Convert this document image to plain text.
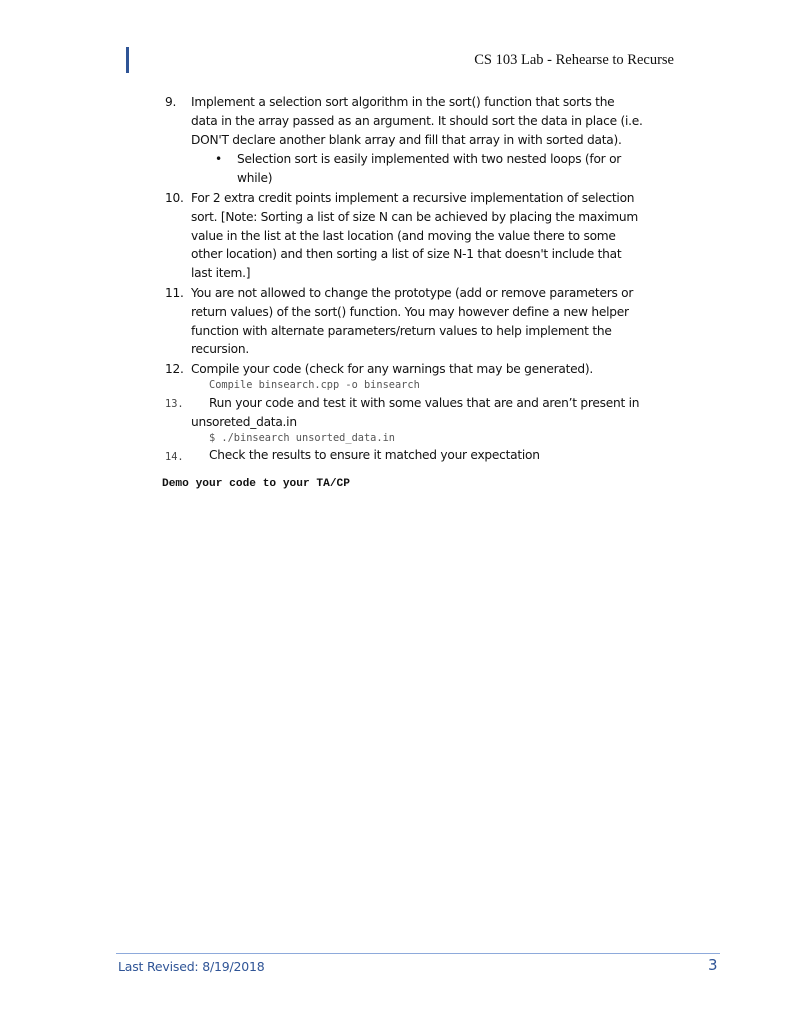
CS 103 Lab - Rehearse to Recurse
9. Implement a selection sort algorithm in the sort() function that sorts the
data in the array passed as an argument. It should sort the data in place (i.e.
DON'T declare another blank array and fill that array in with sorted data).
• Selection sort is easily implemented with two nested loops (for or
while)
10. For 2 extra credit points implement a recursive implementation of selection
sort. [Note: Sorting a list of size N can be achieved by placing the maximum
value in the list at the last location (and moving the value there to some
other location) and then sorting a list of size N-1 that doesn't include that
last item.]
11. You are not allowed to change the prototype (add or remove parameters or
return values) of the sort() function. You may however define a new helper
function with alternate parameters/return values to help implement the
recursion.
12. Compile your code (check for any warnings that may be generated).
Compile binsearch.cpp -o binsearch
13. Run your code and test it with some values that are and aren’t present in
unsoreted_data.in
$ ./binsearch unsorted_data.in
14. Check the results to ensure it matched your expectation
Demo your code to your TA/CP
Last Revised: 8/19/2018	3
